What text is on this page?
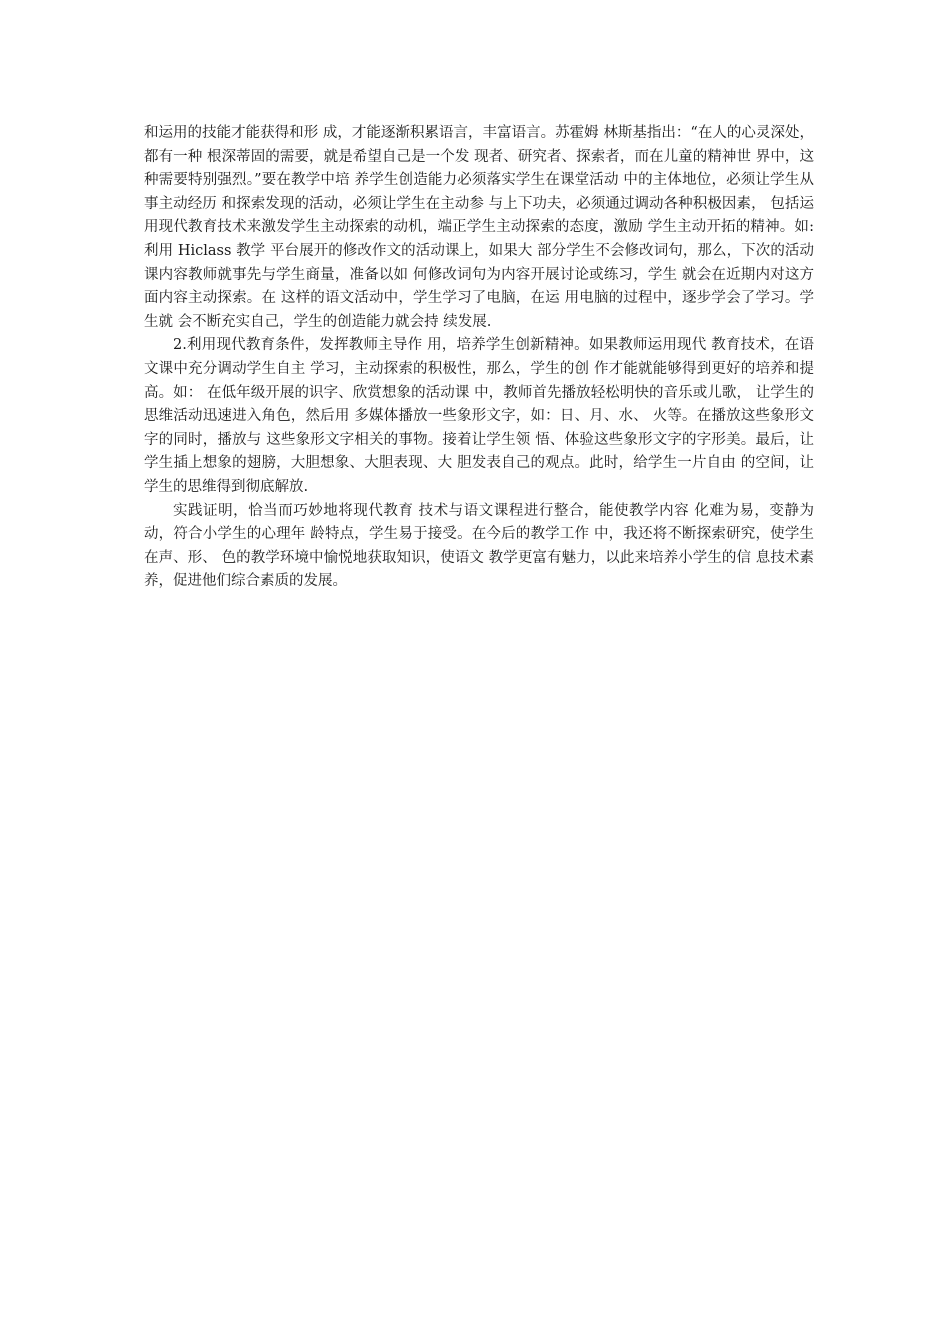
和运用的技能才能获得和形 成，才能逐渐积累语言，丰富语言。苏霍姆 林斯基指出：“在人的心灵深处，都有一种 根深蒂固的需要，就是希望自己是一个发 现者、研究者、探索者，而在儿童的精神世 界中，这种需要特别强烈。”要在教学中培 养学生创造能力必须落实学生在课堂活动 中的主体地位，必须让学生从事主动经历 和探索发现的活动，必须让学生在主动参 与上下功夫，必须通过调动各种积极因素， 包括运用现代教育技术来激发学生主动探索的动机，端正学生主动探索的态度，激励 学生主动开拓的精神。如:利用 Hiclass 教学 平台展开的修改作文的活动课上，如果大 部分学生不会修改词句，那么，下次的活动 课内容教师就事先与学生商量，准备以如 何修改词句为内容开展讨论或练习，学生 就会在近期内对这方面内容主动探索。在 这样的语文活动中，学生学习了电脑，在运 用电脑的过程中，逐步学会了学习。学生就 会不断充实自己，学生的创造能力就会持 续发展.

2.利用现代教育条件，发挥教师主导作 用，培养学生创新精神。如果教师运用现代 教育技术，在语文课中充分调动学生自主 学习，主动探索的积极性，那么，学生的创 作才能就能够得到更好的培养和提高。如： 在低年级开展的识字、欣赏想象的活动课 中，教师首先播放轻松明快的音乐或儿歌， 让学生的思维活动迅速进入角色，然后用 多媒体播放一些象形文字，如：日、月、水、 火等。在播放这些象形文字的同时，播放与 这些象形文字相关的事物。接着让学生领 悟、体验这些象形文字的字形美。最后，让 学生插上想象的翅膀，大胆想象、大胆表现、大 胆发表自己的观点。此时，给学生一片自由 的空间，让学生的思维得到彻底解放.

实践证明，恰当而巧妙地将现代教育 技术与语文课程进行整合，能使教学内容 化难为易，变静为动，符合小学生的心理年 龄特点，学生易于接受。在今后的教学工作 中，我还将不断探索研究，使学生在声、形、 色的教学环境中愉悦地获取知识，使语文 教学更富有魅力，以此来培养小学生的信 息技术素养，促进他们综合素质的发展。
